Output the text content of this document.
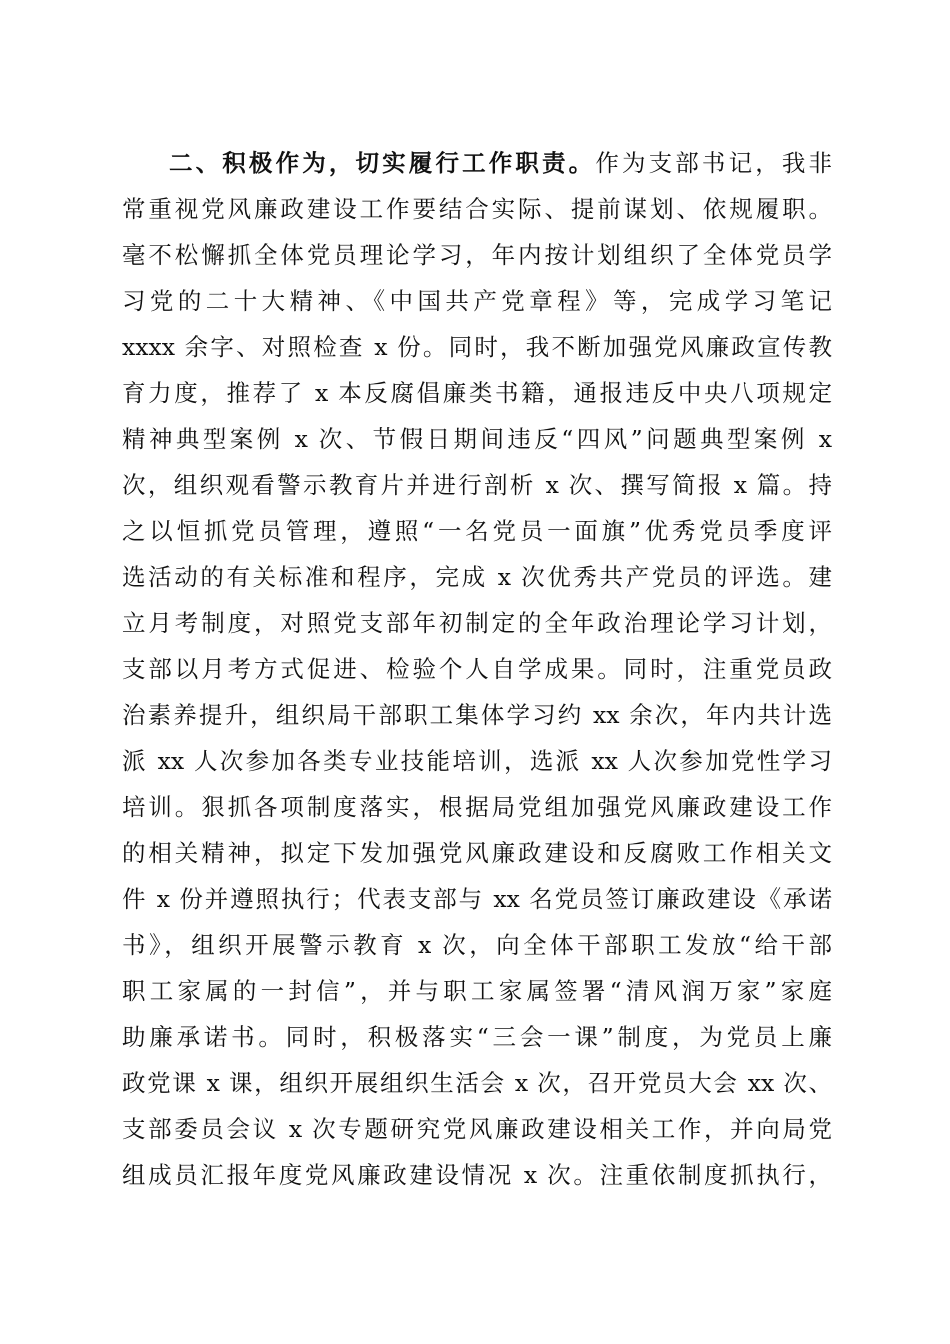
二、积极作为，切实履行工作职责。作为支部书记，我非
常重视党风廉政建设工作要结合实际、提前谋划、依规履职。
毫不松懈抓全体党员理论学习，年内按计划组织了全体党员学
习党的二十大精神、《中国共产党章程》等，完成学习笔记
xxxx 余字、对照检查 x 份。同时，我不断加强党风廉政宣传教
育力度，推荐了 x 本反腐倡廉类书籍，通报违反中央八项规定
精神典型案例 x 次、节假日期间违反“四风”问题典型案例 x
次，组织观看警示教育片并进行剖析 x 次、撰写简报 x 篇。持
之以恒抓党员管理，遵照“一名党员一面旗”优秀党员季度评
选活动的有关标准和程序，完成 x 次优秀共产党员的评选。建
立月考制度，对照党支部年初制定的全年政治理论学习计划，
支部以月考方式促进、检验个人自学成果。同时，注重党员政
治素养提升，组织局干部职工集体学习约 xx 余次，年内共计选
派 xx 人次参加各类专业技能培训，选派 xx 人次参加党性学习
培训。狠抓各项制度落实，根据局党组加强党风廉政建设工作
的相关精神，拟定下发加强党风廉政建设和反腐败工作相关文
件 x 份并遵照执行；代表支部与 xx 名党员签订廉政建设《承诺
书》，组织开展警示教育 x 次，向全体干部职工发放“给干部
职工家属的一封信”，并与职工家属签署“清风润万家”家庭
助廉承诺书。同时，积极落实“三会一课”制度，为党员上廉
政党课 x 课，组织开展组织生活会 x 次，召开党员大会 xx 次、
支部委员会议 x 次专题研究党风廉政建设相关工作，并向局党
组成员汇报年度党风廉政建设情况 x 次。注重依制度抓执行，
